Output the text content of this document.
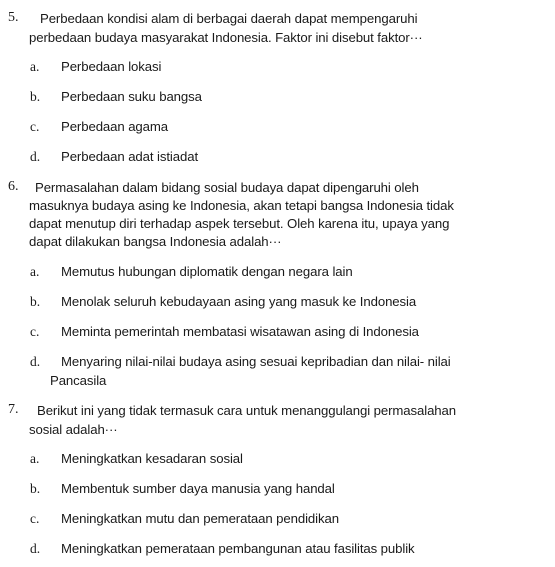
5. Perbedaan kondisi alam di berbagai daerah dapat mempengaruhi
perbedaan budaya masyarakat Indonesia. Faktor ini disebut faktor···
a. Perbedaan lokasi
b. Perbedaan suku bangsa
c. Perbedaan agama
d. Perbedaan adat istiadat
6. Permasalahan dalam bidang sosial budaya dapat dipengaruhi oleh
masuknya budaya asing ke Indonesia, akan tetapi bangsa Indonesia tidak
dapat menutup diri terhadap aspek tersebut. Oleh karena itu, upaya yang
dapat dilakukan bangsa Indonesia adalah···
a. Memutus hubungan diplomatik dengan negara lain
b. Menolak seluruh kebudayaan asing yang masuk ke Indonesia
c. Meminta pemerintah membatasi wisatawan asing di Indonesia
d. Menyaring nilai-nilai budaya asing sesuai kepribadian dan nilai- nilai
Pancasila
7. Berikut ini yang tidak termasuk cara untuk menanggulangi permasalahan
sosial adalah···
a. Meningkatkan kesadaran sosial
b. Membentuk sumber daya manusia yang handal
c. Meningkatkan mutu dan pemerataan pendidikan
d. Meningkatkan pemerataan pembangunan atau fasilitas publik
